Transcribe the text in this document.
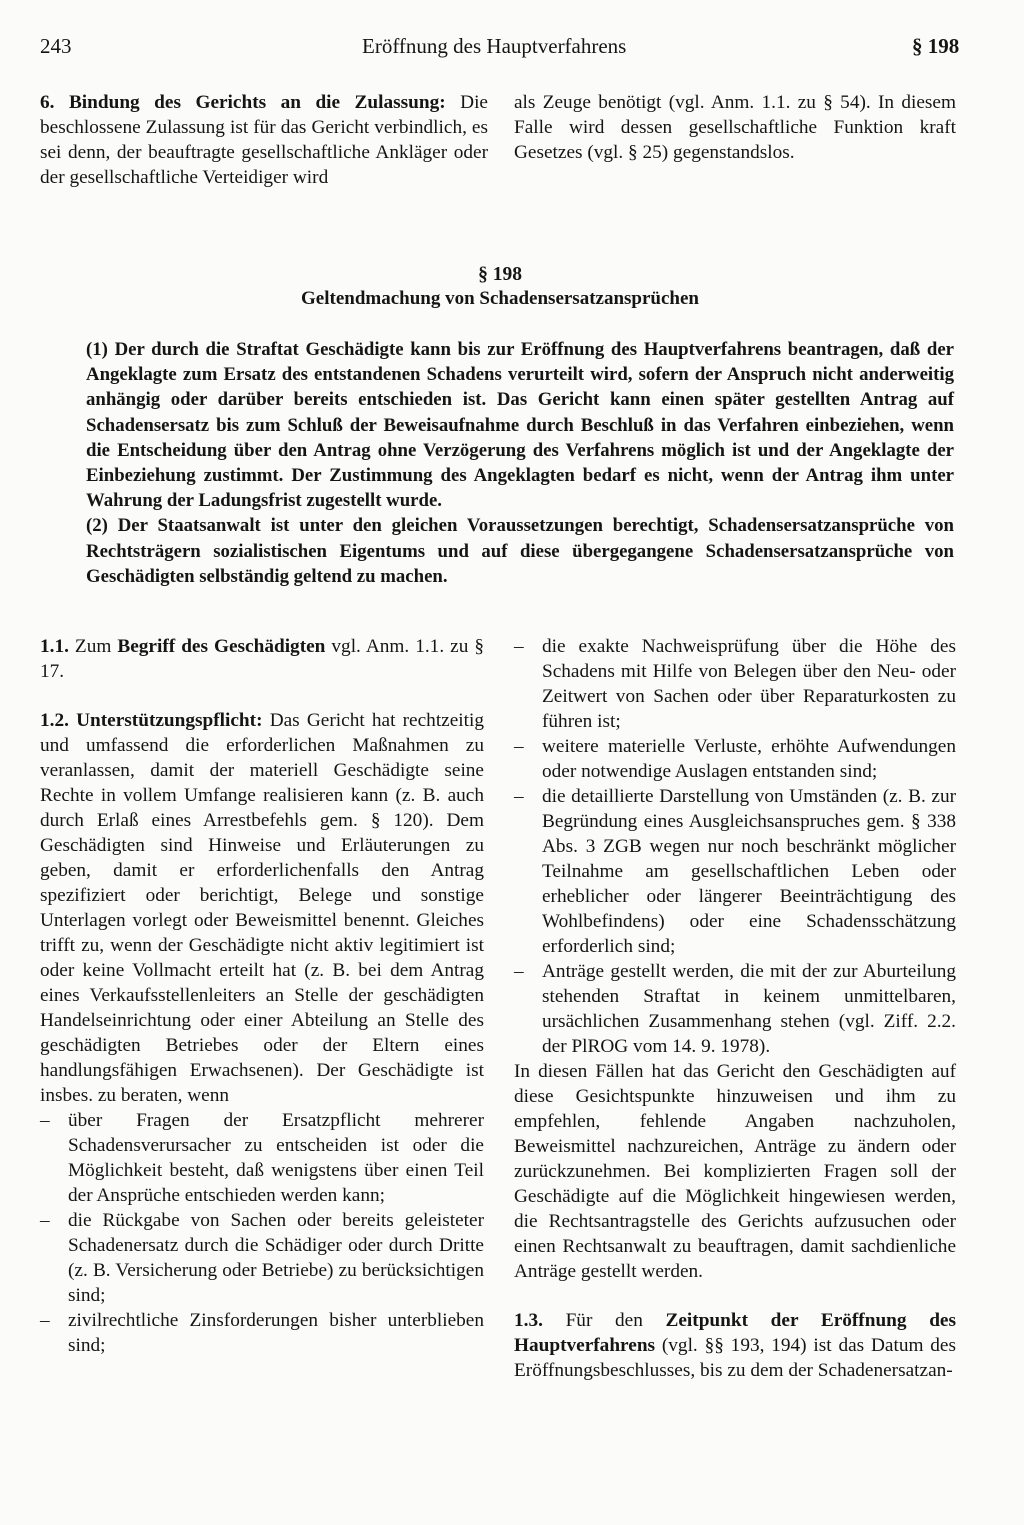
243	Eröffnung des Hauptverfahrens	§ 198

6. Bindung des Gerichts an die Zulassung: Die beschlossene Zulassung ist für das Gericht verbindlich, es sei denn, der beauftragte gesellschaftliche Ankläger oder der gesellschaftliche Verteidiger wird

als Zeuge benötigt (vgl. Anm. 1.1. zu § 54). In diesem Falle wird dessen gesellschaftliche Funktion kraft Gesetzes (vgl. § 25) gegenstandslos.

§ 198
Geltendmachung von Schadensersatzansprüchen

(1) Der durch die Straftat Geschädigte kann bis zur Eröffnung des Hauptverfahrens beantragen, daß der Angeklagte zum Ersatz des entstandenen Schadens verurteilt wird, sofern der Anspruch nicht anderweitig anhängig oder darüber bereits entschieden ist. Das Gericht kann einen später gestellten Antrag auf Schadensersatz bis zum Schluß der Beweisaufnahme durch Beschluß in das Verfahren einbeziehen, wenn die Entscheidung über den Antrag ohne Verzögerung des Verfahrens möglich ist und der Angeklagte der Einbeziehung zustimmt. Der Zustimmung des Angeklagten bedarf es nicht, wenn der Antrag ihm unter Wahrung der Ladungsfrist zugestellt wurde.

(2) Der Staatsanwalt ist unter den gleichen Voraussetzungen berechtigt, Schadensersatzansprüche von Rechtsträgern sozialistischen Eigentums und auf diese übergegangene Schadensersatzansprüche von Geschädigten selbständig geltend zu machen.

1.1. Zum Begriff des Geschädigten vgl. Anm. 1.1. zu § 17.

1.2. Unterstützungspflicht: Das Gericht hat rechtzeitig und umfassend die erforderlichen Maßnahmen zu veranlassen, damit der materiell Geschädigte seine Rechte in vollem Umfange realisieren kann (z. B. auch durch Erlaß eines Arrestbefehls gem. § 120). Dem Geschädigten sind Hinweise und Erläuterungen zu geben, damit er erforderlichenfalls den Antrag spezifiziert oder berichtigt, Belege und sonstige Unterlagen vorlegt oder Beweismittel benennt. Gleiches trifft zu, wenn der Geschädigte nicht aktiv legitimiert ist oder keine Vollmacht erteilt hat (z. B. bei dem Antrag eines Verkaufsstellenleiters an Stelle der geschädigten Handelseinrichtung oder einer Abteilung an Stelle des geschädigten Betriebes oder der Eltern eines handlungsfähigen Erwachsenen). Der Geschädigte ist insbes. zu beraten, wenn

– über Fragen der Ersatzpflicht mehrerer Schadensverursacher zu entscheiden ist oder die Möglichkeit besteht, daß wenigstens über einen Teil der Ansprüche entschieden werden kann;

– die Rückgabe von Sachen oder bereits geleisteter Schadenersatz durch die Schädiger oder durch Dritte (z. B. Versicherung oder Betriebe) zu berücksichtigen sind;

– zivilrechtliche Zinsforderungen bisher unterblieben sind;

– die exakte Nachweisprüfung über die Höhe des Schadens mit Hilfe von Belegen über den Neu- oder Zeitwert von Sachen oder über Reparaturkosten zu führen ist;

– weitere materielle Verluste, erhöhte Aufwendungen oder notwendige Auslagen entstanden sind;

– die detaillierte Darstellung von Umständen (z. B. zur Begründung eines Ausgleichsanspruches gem. § 338 Abs. 3 ZGB wegen nur noch beschränkt möglicher Teilnahme am gesellschaftlichen Leben oder erheblicher oder längerer Beeinträchtigung des Wohlbefindens) oder eine Schadensschätzung erforderlich sind;

– Anträge gestellt werden, die mit der zur Aburteilung stehenden Straftat in keinem unmittelbaren, ursächlichen Zusammenhang stehen (vgl. Ziff. 2.2. der PlROG vom 14. 9. 1978).

In diesen Fällen hat das Gericht den Geschädigten auf diese Gesichtspunkte hinzuweisen und ihm zu empfehlen, fehlende Angaben nachzuholen, Beweismittel nachzureichen, Anträge zu ändern oder zurückzunehmen. Bei komplizierten Fragen soll der Geschädigte auf die Möglichkeit hingewiesen werden, die Rechtsantragstelle des Gerichts aufzusuchen oder einen Rechtsanwalt zu beauftragen, damit sachdienliche Anträge gestellt werden.

1.3. Für den Zeitpunkt der Eröffnung des Hauptverfahrens (vgl. §§ 193, 194) ist das Datum des Eröffnungsbeschlusses, bis zu dem der Schadenersatzan-
